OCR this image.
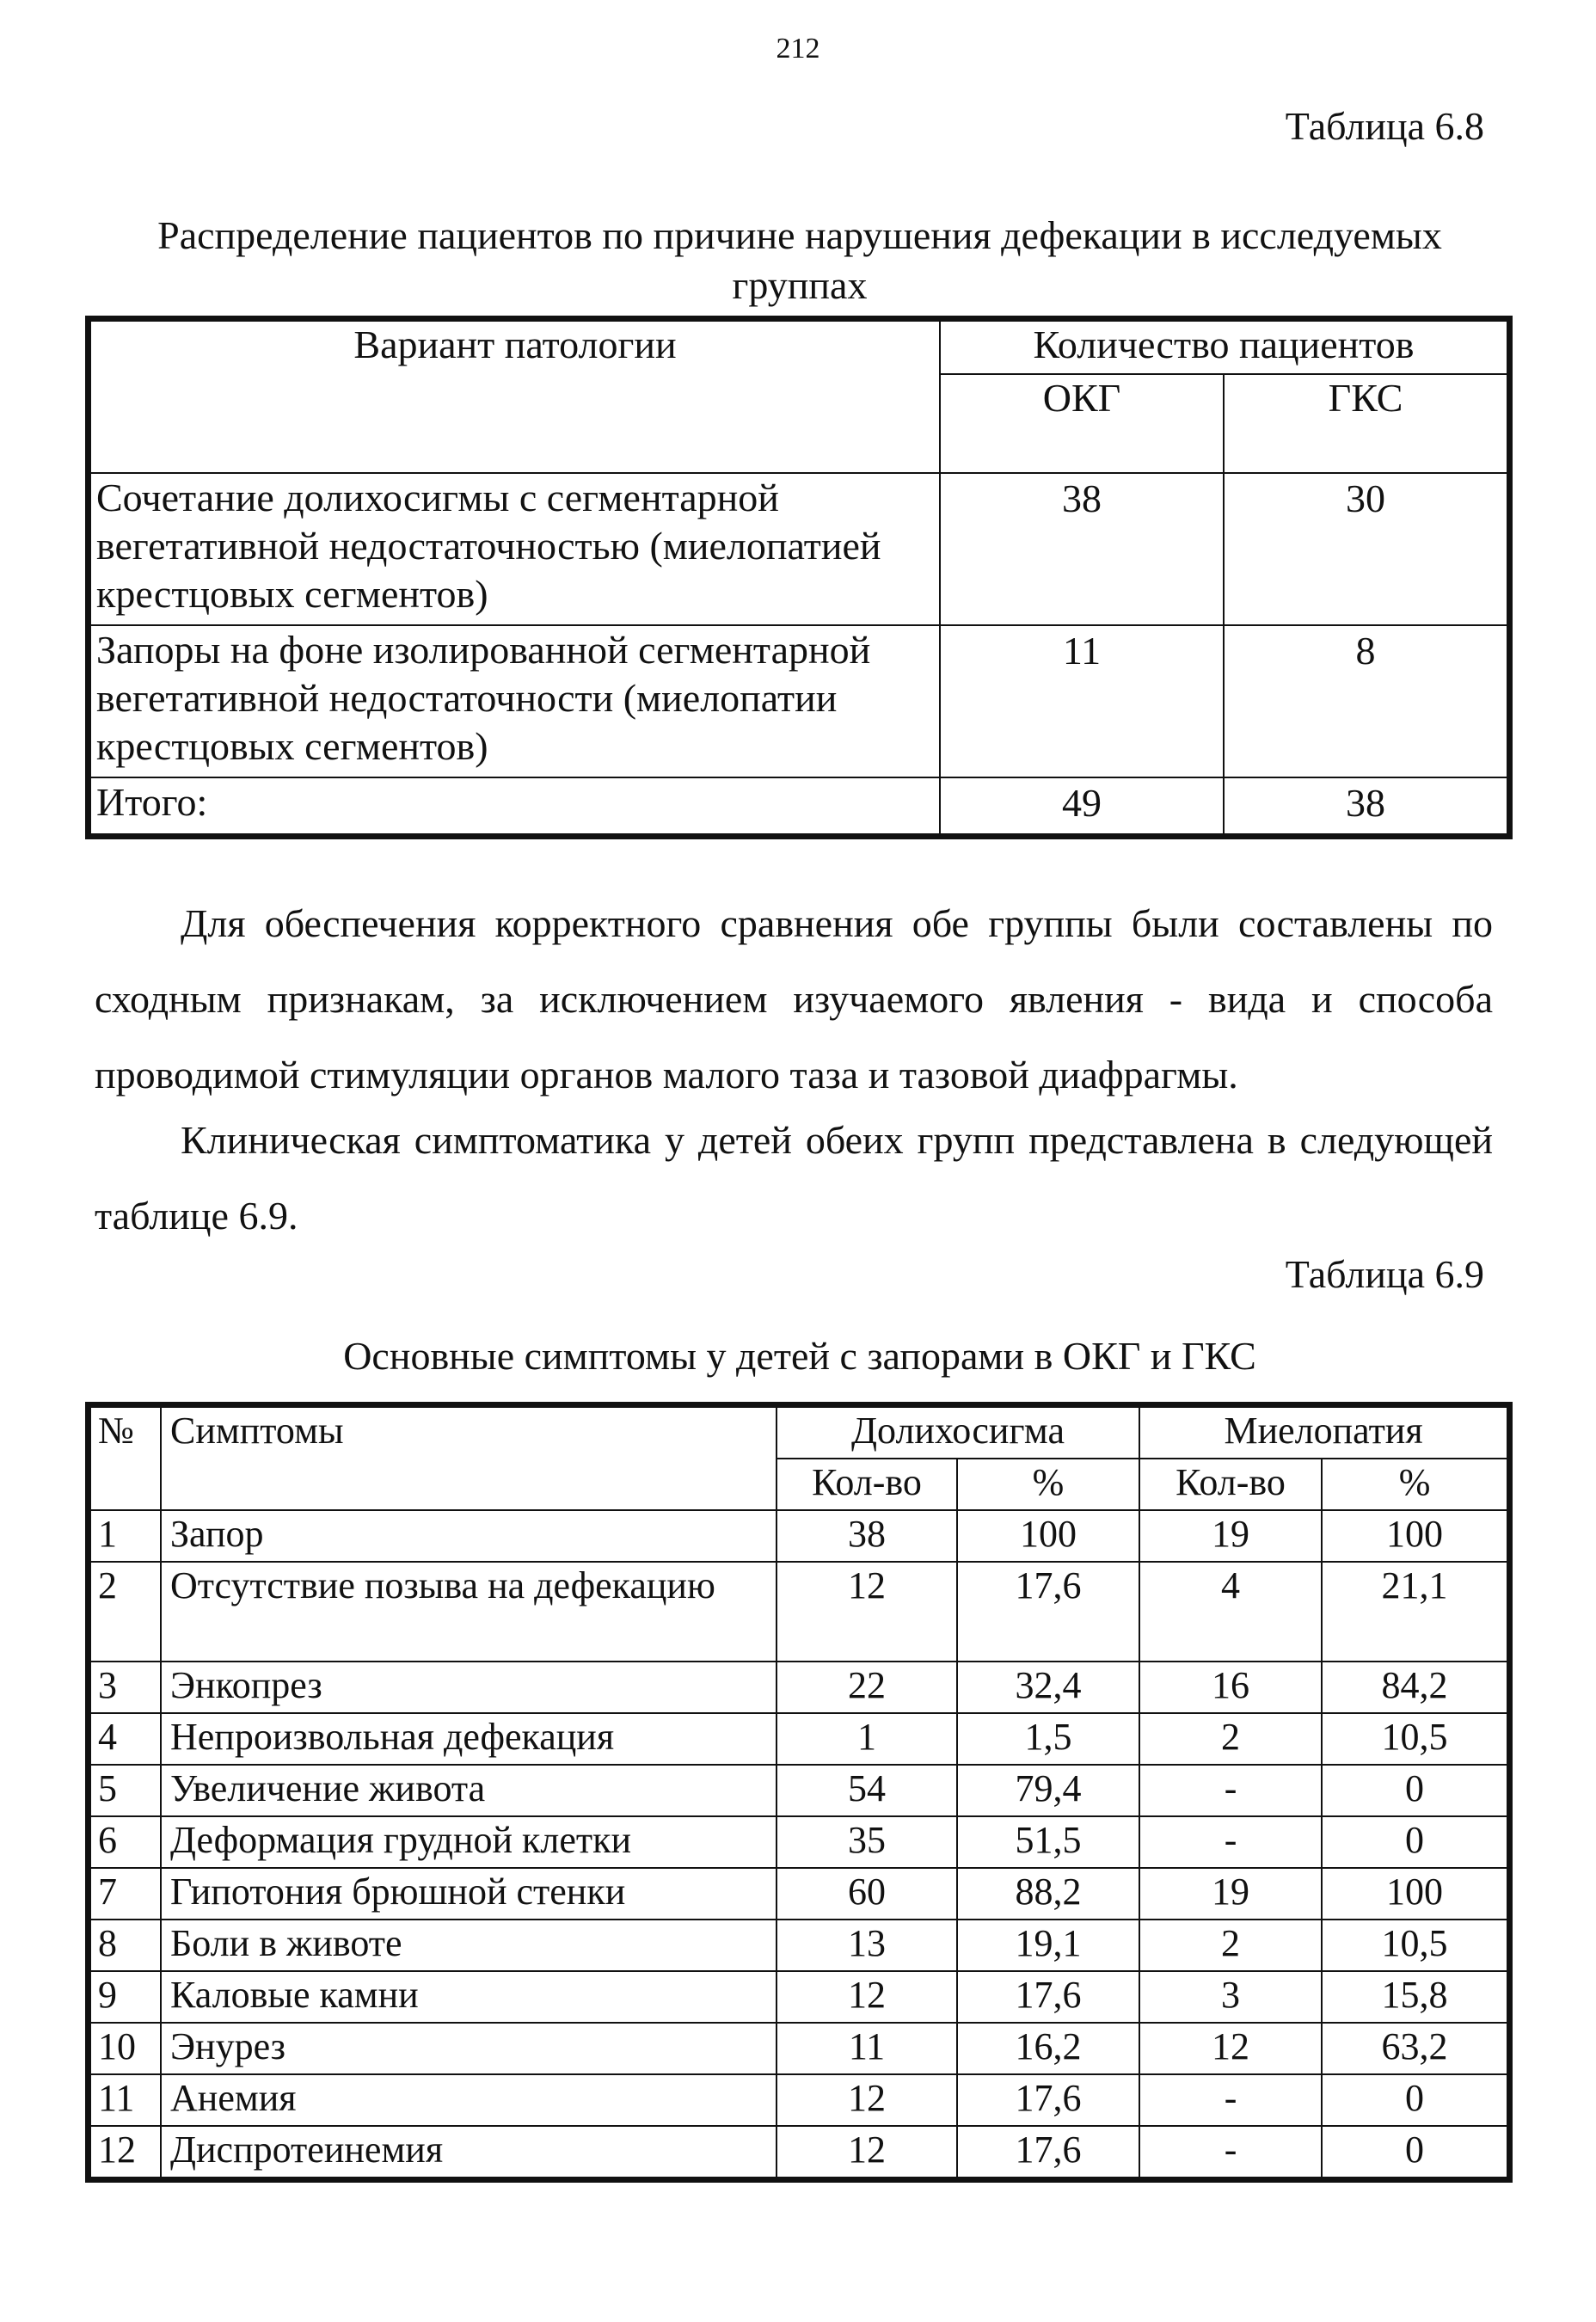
212
Таблица 6.8
Распределение пациентов по причине нарушения дефекации в исследуемых группах
Вариант патологии	Количество пациентов	
	ОКГ	ГКС
Сочетание долихосигмы с сегментарной вегетативной недостаточностью (миелопатией крестцовых сегментов)	38	30
Запоры на фоне изолированной сегментарной вегетативной недостаточности (миелопатии крестцовых сегментов)	11	8
Итого:	49	38
Для обеспечения корректного сравнения обе группы были составлены по сходным признакам, за исключением изучаемого явления - вида и способа проводимой стимуляции органов малого таза и тазовой диафрагмы.
Клиническая симптоматика у детей обеих групп представлена в следующей таблице 6.9.
Таблица 6.9
Основные симптомы у детей с запорами в ОКГ и ГКС
№	Симптомы	Долихосигма		Миелопатия	
		Кол-во	%	Кол-во	%
1	Запор	38	100	19	100
2	Отсутствие позыва на дефекацию	12	17,6	4	21,1
3	Энкопрез	22	32,4	16	84,2
4	Непроизвольная дефекация	1	1,5	2	10,5
5	Увеличение живота	54	79,4	-	0
6	Деформация грудной клетки	35	51,5	-	0
7	Гипотония брюшной стенки	60	88,2	19	100
8	Боли в животе	13	19,1	2	10,5
9	Каловые камни	12	17,6	3	15,8
10	Энурез	11	16,2	12	63,2
11	Анемия	12	17,6	-	0
12	Диспротеинемия	12	17,6	-	0
